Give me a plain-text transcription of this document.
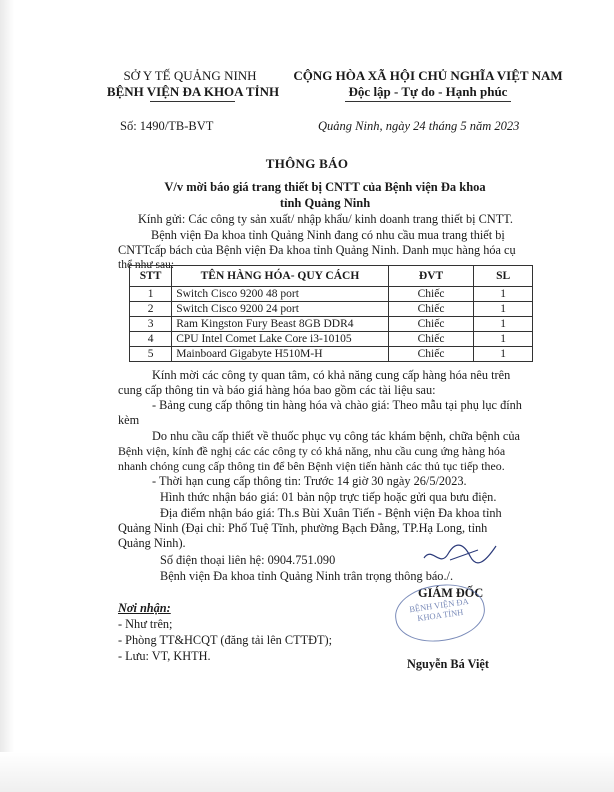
SỞ Y TẾ QUẢNG NINH
BỆNH VIỆN ĐA KHOA TỈNH
CỘNG HÒA XÃ HỘI CHỦ NGHĨA VIỆT NAM
Độc lập - Tự do - Hạnh phúc
Số: 1490/TB-BVT	Quảng Ninh, ngày 24 tháng 5 năm 2023
THÔNG BÁO
V/v mời báo giá trang thiết bị CNTT của Bệnh viện Đa khoa tỉnh Quảng Ninh
Kính gửi: Các công ty sản xuất/ nhập khẩu/ kinh doanh trang thiết bị CNTT.
Bệnh viện Đa khoa tỉnh Quảng Ninh đang có nhu cầu mua trang thiết bị
CNTTcấp bách của Bệnh viện Đa khoa tỉnh Quảng Ninh. Danh mục hàng hóa cụ
thể như sau:
STT	TÊN HÀNG HÓA- QUY CÁCH	ĐVT	SL
1	Switch Cisco 9200 48 port	Chiếc	1
2	Switch Cisco 9200 24 port	Chiếc	1
3	Ram Kingston Fury Beast 8GB DDR4	Chiếc	1
4	CPU Intel Comet Lake Core i3-10105	Chiếc	1
5	Mainboard Gigabyte H510M-H	Chiếc	1
Kính mời các công ty quan tâm, có khả năng cung cấp hàng hóa nêu trên
cung cấp thông tin và báo giá hàng hóa bao gồm các tài liệu sau:
- Bảng cung cấp thông tin hàng hóa và chào giá: Theo mẫu tại phụ lục đính
kèm
Do nhu cầu cấp thiết về thuốc phục vụ công tác khám bệnh, chữa bệnh của
Bệnh viện, kính đề nghị các các công ty có khả năng, nhu cầu cung ứng hàng hóa
nhanh chóng cung cấp thông tin để bên Bệnh viện tiến hành các thủ tục tiếp theo.
- Thời hạn cung cấp thông tin: Trước 14 giờ 30 ngày 26/5/2023.
Hình thức nhận báo giá: 01 bản nộp trực tiếp hoặc gửi qua bưu điện.
Địa điểm nhận báo giá: Th.s Bùi Xuân Tiến - Bệnh viện Đa khoa tỉnh
Quảng Ninh (Đại chỉ: Phố Tuệ Tĩnh, phường Bạch Đằng, TP.Hạ Long, tỉnh
Quảng Ninh).
Số điện thoại liên hệ: 0904.751.090
Bệnh viện Đa khoa tỉnh Quảng Ninh trân trọng thông báo./.
Nơi nhận:
- Như trên;
- Phòng TT&HCQT (đăng tải lên CTTĐT);
- Lưu: VT, KHTH.
GIÁM ĐỐC
BỆNH VIỆN ĐA KHOA TỈNH
Nguyễn Bá Việt
